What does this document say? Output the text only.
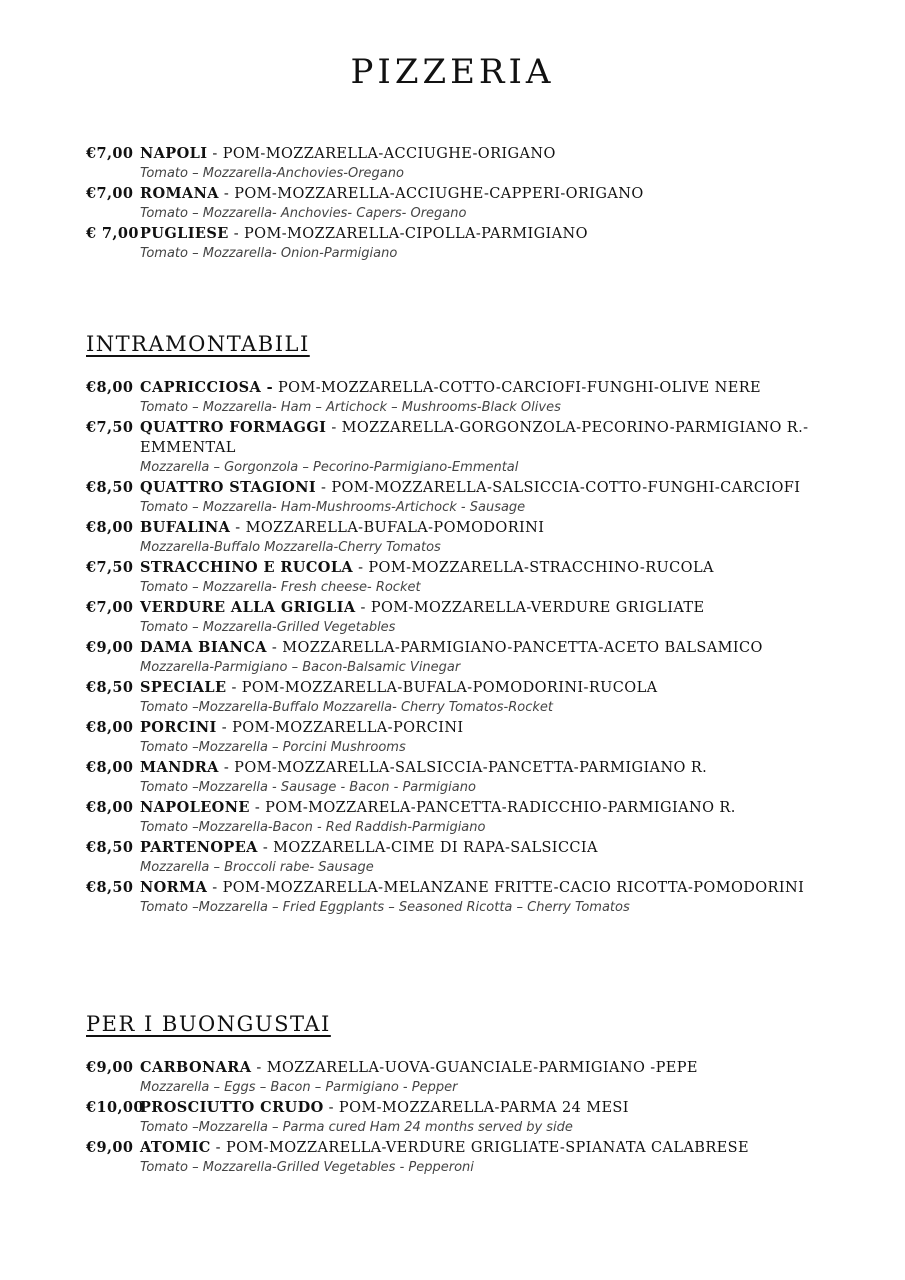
PIZZERIA
€7,00 NAPOLI - POM-MOZZARELLA-ACCIUGHE-ORIGANO
Tomato – Mozzarella-Anchovies-Oregano
€7,00 ROMANA - POM-MOZZARELLA-ACCIUGHE-CAPPERI-ORIGANO
Tomato – Mozzarella- Anchovies- Capers- Oregano
€ 7,00 PUGLIESE - POM-MOZZARELLA-CIPOLLA-PARMIGIANO
Tomato – Mozzarella- Onion-Parmigiano
INTRAMONTABILI
€8,00 CAPRICCIOSA - POM-MOZZARELLA-COTTO-CARCIOFI-FUNGHI-OLIVE NERE
Tomato – Mozzarella- Ham – Artichock – Mushrooms-Black Olives
€7,50 QUATTRO FORMAGGI - MOZZARELLA-GORGONZOLA-PECORINO-PARMIGIANO R.-EMMENTAL
Mozzarella – Gorgonzola – Pecorino-Parmigiano-Emmental
€8,50 QUATTRO STAGIONI - POM-MOZZARELLA-SALSICCIA-COTTO-FUNGHI-CARCIOFI
Tomato – Mozzarella- Ham-Mushrooms-Artichock - Sausage
€8,00 BUFALINA - MOZZARELLA-BUFALA-POMODORINI
Mozzarella-Buffalo Mozzarella-Cherry Tomatos
€7,50 STRACCHINO E RUCOLA - POM-MOZZARELLA-STRACCHINO-RUCOLA
Tomato – Mozzarella- Fresh cheese- Rocket
€7,00 VERDURE ALLA GRIGLIA - POM-MOZZARELLA-VERDURE GRIGLIATE
Tomato – Mozzarella-Grilled Vegetables
€9,00 DAMA BIANCA - MOZZARELLA-PARMIGIANO-PANCETTA-ACETO BALSAMICO
Mozzarella-Parmigiano – Bacon-Balsamic Vinegar
€8,50 SPECIALE - POM-MOZZARELLA-BUFALA-POMODORINI-RUCOLA
Tomato –Mozzarella-Buffalo Mozzarella- Cherry Tomatos-Rocket
€8,00 PORCINI - POM-MOZZARELLA-PORCINI
Tomato –Mozzarella – Porcini Mushrooms
€8,00 MANDRA - POM-MOZZARELLA-SALSICCIA-PANCETTA-PARMIGIANO R.
Tomato –Mozzarella - Sausage - Bacon - Parmigiano
€8,00 NAPOLEONE - POM-MOZZARELA-PANCETTA-RADICCHIO-PARMIGIANO R.
Tomato –Mozzarella-Bacon - Red Raddish-Parmigiano
€8,50 PARTENOPEA - MOZZARELLA-CIME DI RAPA-SALSICCIA
Mozzarella – Broccoli rabe- Sausage
€8,50 NORMA - POM-MOZZARELLA-MELANZANE FRITTE-CACIO RICOTTA-POMODORINI
Tomato –Mozzarella – Fried Eggplants – Seasoned Ricotta – Cherry Tomatos
PER I BUONGUSTAI
€9,00 CARBONARA - MOZZARELLA-UOVA-GUANCIALE-PARMIGIANO -PEPE
Mozzarella – Eggs – Bacon – Parmigiano - Pepper
€10,00
PROSCIUTTO CRUDO - POM-MOZZARELLA-PARMA 24 MESI
Tomato –Mozzarella – Parma cured Ham 24 months served by side
€9,00 ATOMIC - POM-MOZZARELLA-VERDURE GRIGLIATE-SPIANATA CALABRESE
Tomato – Mozzarella-Grilled Vegetables - Pepperoni
